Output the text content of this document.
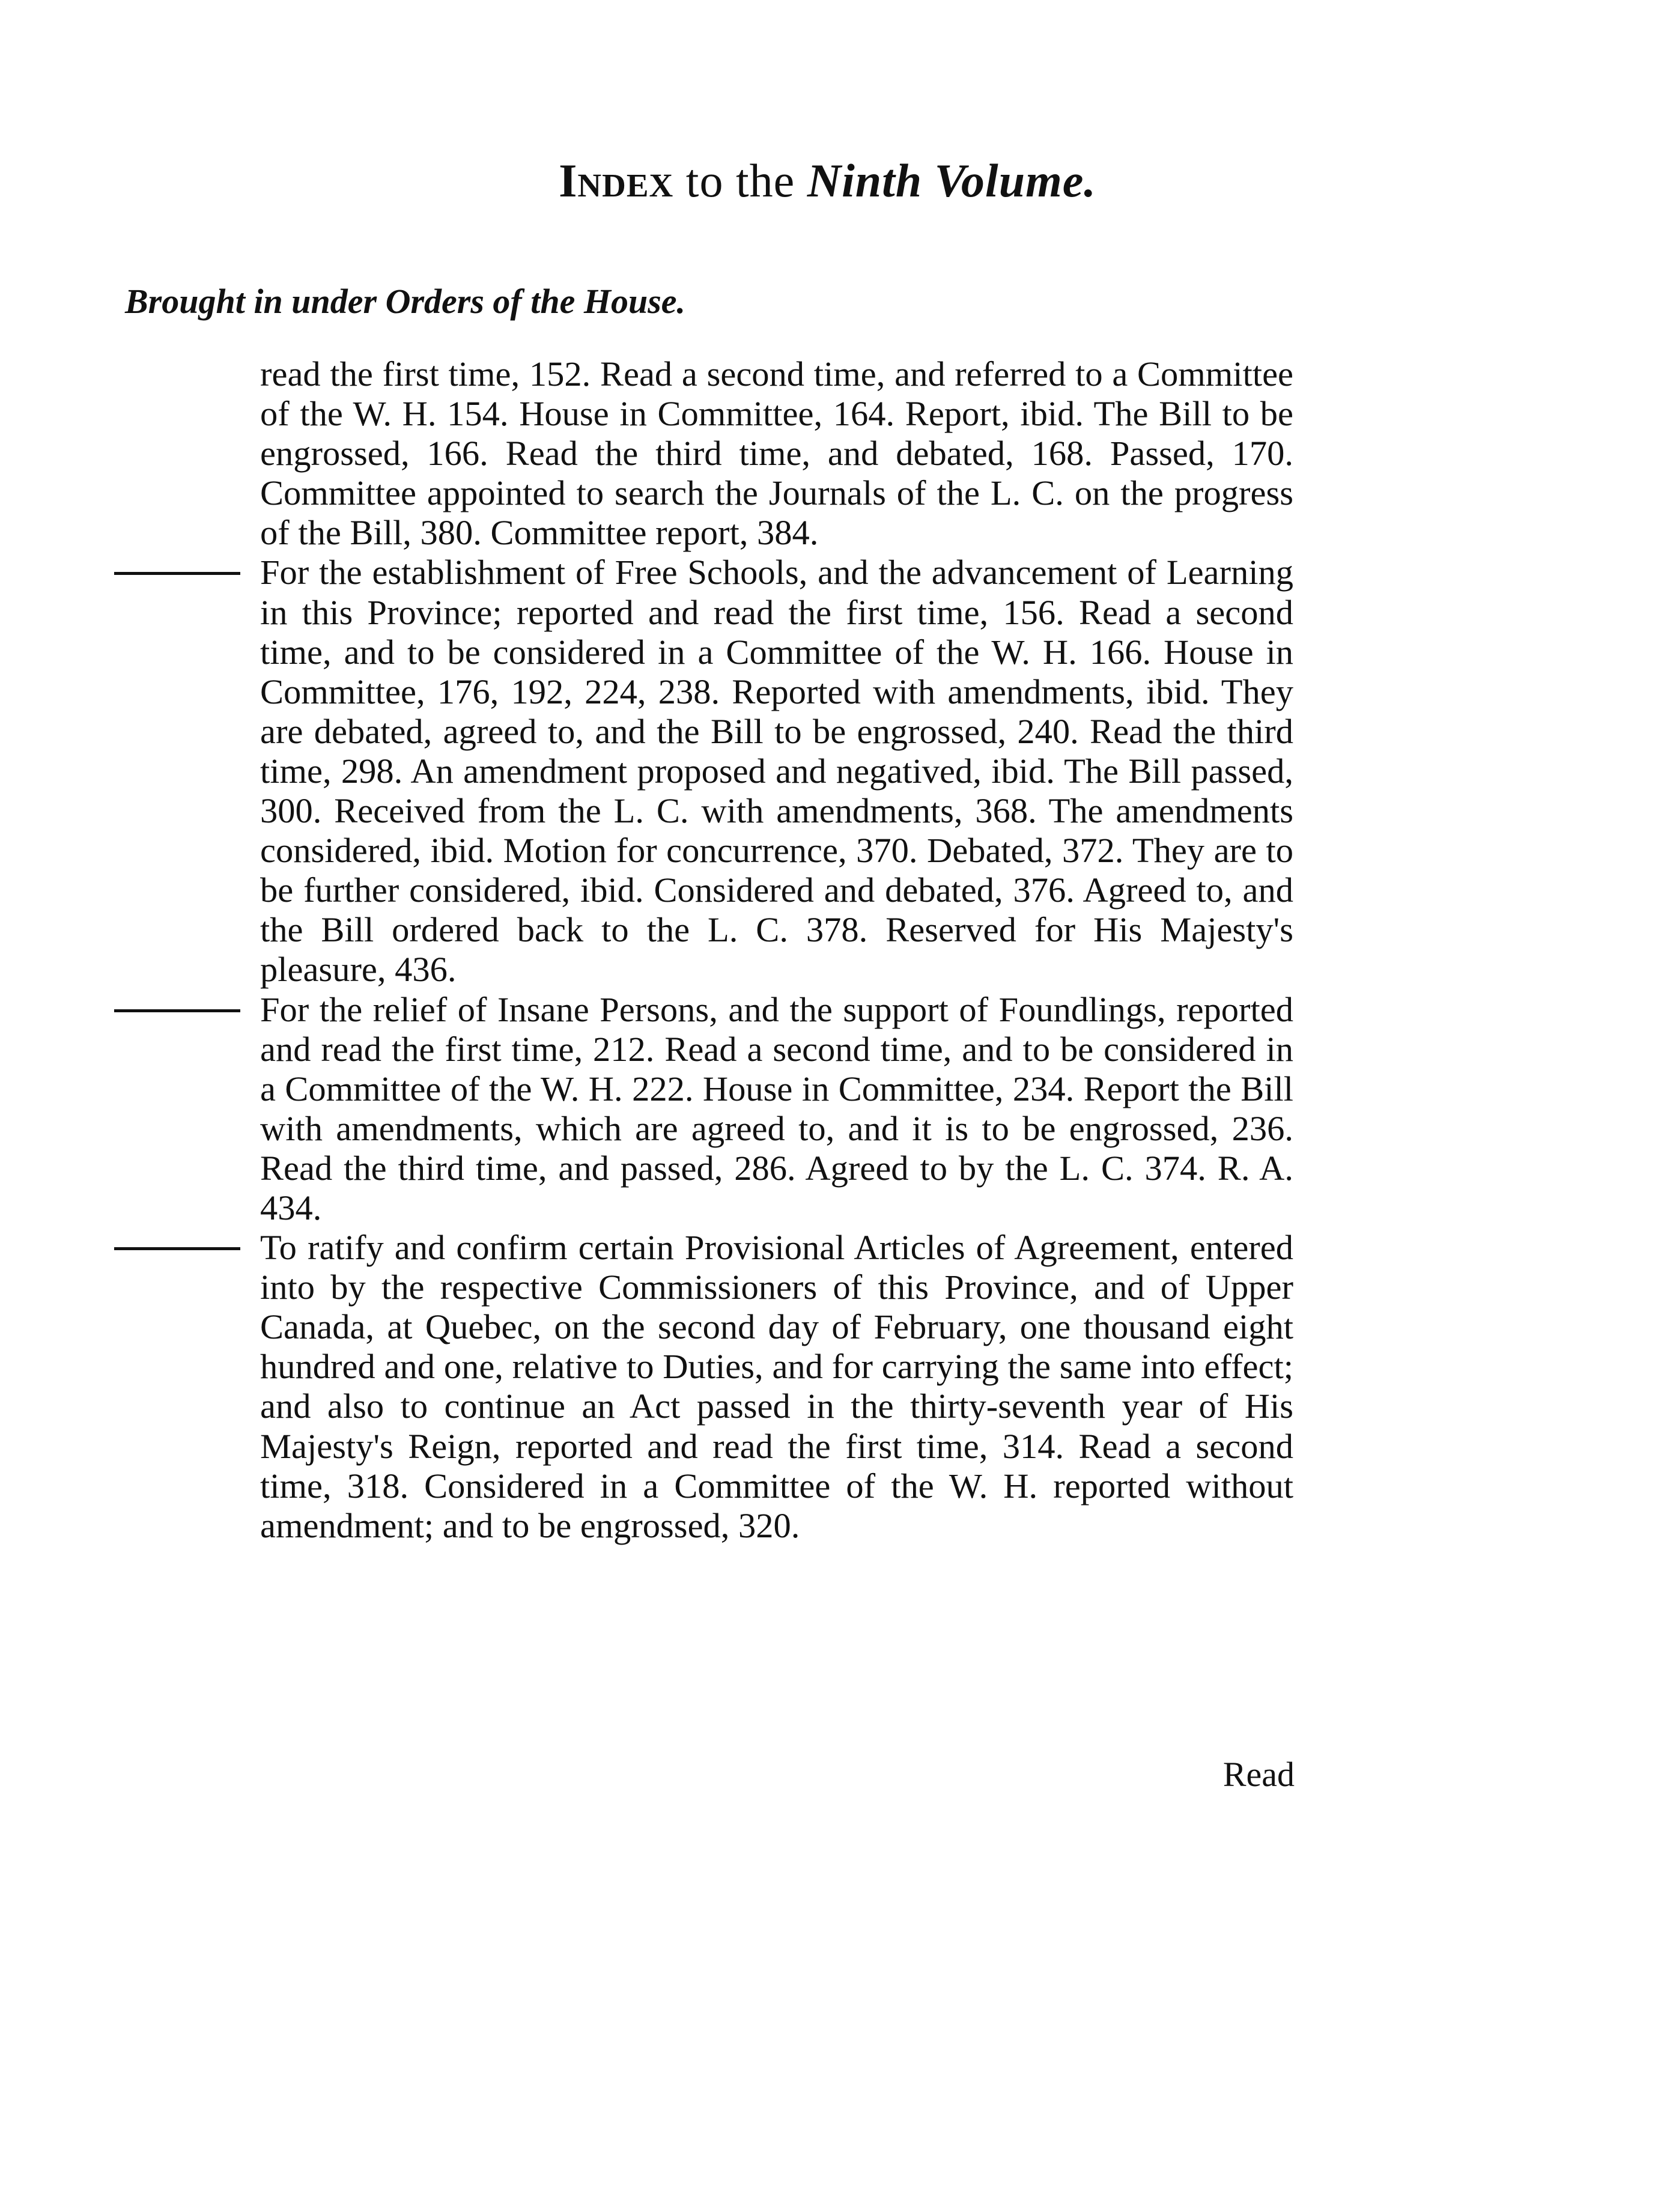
Index to the Ninth Volume.
Brought in under Orders of the House.

read the first time, 152. Read a second time, and referred to a Committee of the W. H. 154. House in Committee, 164. Report, ibid. The Bill to be engrossed, 166. Read the third time, and debated, 168. Passed, 170. Committee appointed to search the Journals of the L. C. on the progress of the Bill, 380. Committee report, 384.

For the establishment of Free Schools, and the advancement of Learning in this Province; reported and read the first time, 156. Read a second time, and to be considered in a Committee of the W. H. 166. House in Committee, 176, 192, 224, 238. Reported with amendments, ibid. They are debated, agreed to, and the Bill to be engrossed, 240. Read the third time, 298. An amendment proposed and negatived, ibid. The Bill passed, 300. Received from the L. C. with amendments, 368. The amendments considered, ibid. Motion for concurrence, 370. Debated, 372. They are to be further considered, ibid. Considered and debated, 376. Agreed to, and the Bill ordered back to the L. C. 378. Reserved for His Majesty's pleasure, 436.

For the relief of Insane Persons, and the support of Foundlings, reported and read the first time, 212. Read a second time, and to be considered in a Committee of the W. H. 222. House in Committee, 234. Report the Bill with amendments, which are agreed to, and it is to be engrossed, 236. Read the third time, and passed, 286. Agreed to by the L. C. 374. R. A. 434.

To ratify and confirm certain Provisional Articles of Agreement, entered into by the respective Commissioners of this Province, and of Upper Canada, at Quebec, on the second day of February, one thousand eight hundred and one, relative to Duties, and for carrying the same into effect; and also to continue an Act passed in the thirty-seventh year of His Majesty's Reign, reported and read the first time, 314. Read a second time, 318. Considered in a Committee of the W. H. reported without amendment; and to be engrossed, 320.

Read
